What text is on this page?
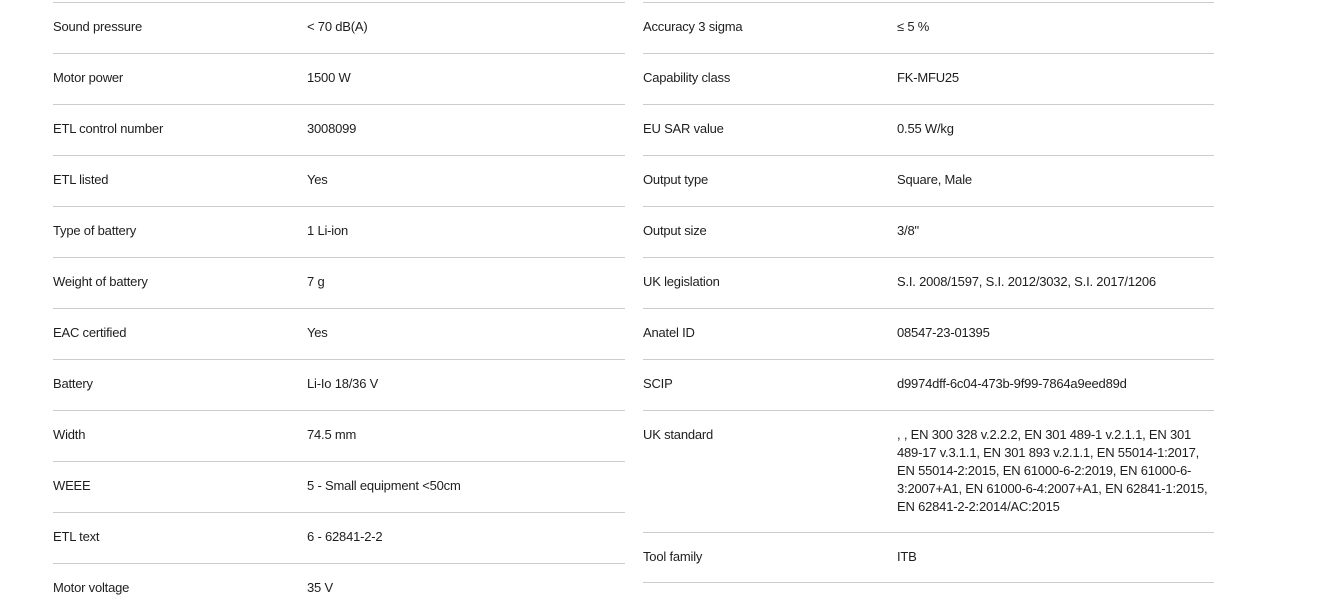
Sound pressure	< 70 dB(A)
Motor power	1500 W
ETL control number	3008099
ETL listed	Yes
Type of battery	1 Li-ion
Weight of battery	7 g
EAC certified	Yes
Battery	Li-Io 18/36 V
Width	74.5 mm
WEEE	5 - Small equipment <50cm
ETL text	6 - 62841-2-2
Motor voltage	35 V
Accuracy 3 sigma	≤ 5 %
Capability class	FK-MFU25
EU SAR value	0.55 W/kg
Output type	Square, Male
Output size	3/8"
UK legislation	S.I. 2008/1597, S.I. 2012/3032, S.I. 2017/1206
Anatel ID	08547-23-01395
SCIP	d9974dff-6c04-473b-9f99-7864a9eed89d
UK standard	, , EN 300 328 v.2.2.2, EN 301 489-1 v.2.1.1, EN 301 489-17 v.3.1.1, EN 301 893 v.2.1.1, EN 55014-1:2017, EN 55014-2:2015, EN 61000-6-2:2019, EN 61000-6-3:2007+A1, EN 61000-6-4:2007+A1, EN 62841-1:2015, EN 62841-2-2:2014/AC:2015
Tool family	ITB
